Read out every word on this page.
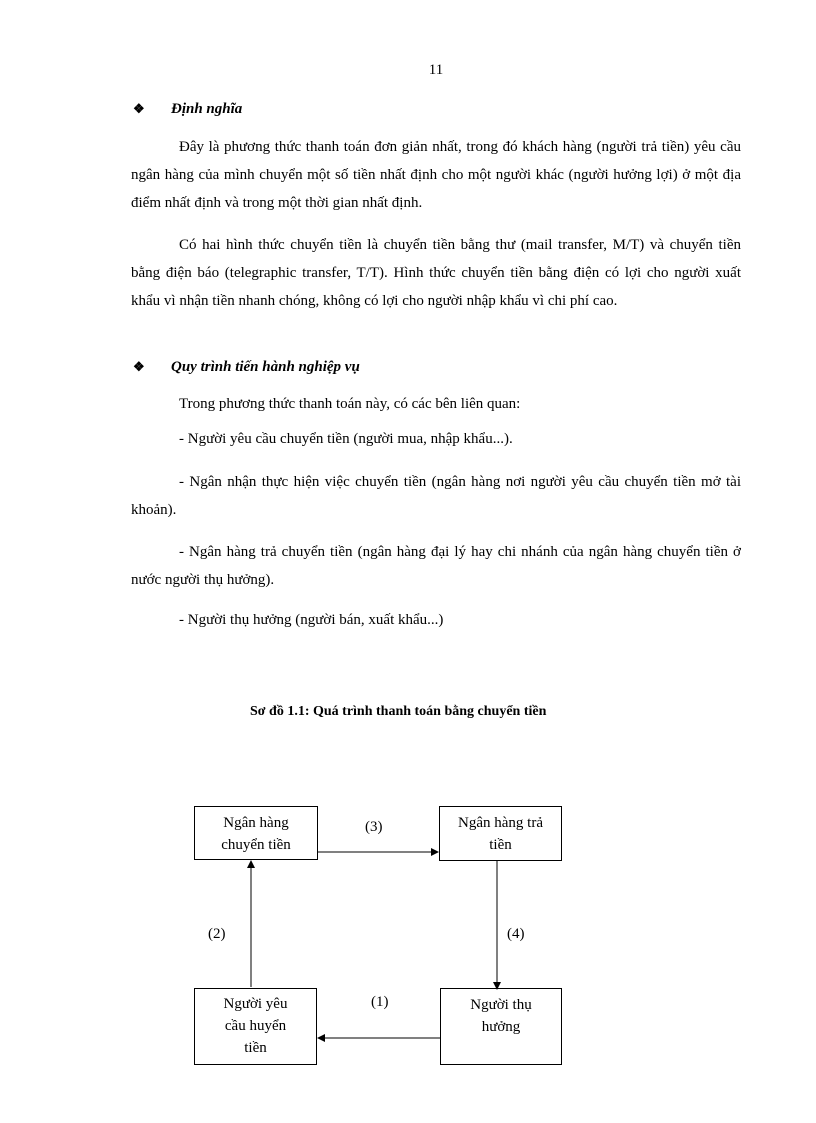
11
❖ Định nghĩa

Đây là phương thức thanh toán đơn giản nhất, trong đó khách hàng (người trả tiền) yêu cầu ngân hàng của mình chuyển một số tiền nhất định cho một người khác (người hưởng lợi) ở một địa điểm nhất định và trong một thời gian nhất định.

Có hai hình thức chuyển tiền là chuyển tiền bằng thư (mail transfer, M/T) và chuyển tiền bằng điện báo (telegraphic transfer, T/T). Hình thức chuyển tiền bằng điện có lợi cho người xuất khẩu vì nhận tiền nhanh chóng, không có lợi cho người nhập khẩu vì chi phí cao.

❖ Quy trình tiến hành nghiệp vụ
Trong phương thức thanh toán này, có các bên liên quan:
- Người yêu cầu chuyển tiền (người mua, nhập khẩu...).

- Ngân nhận thực hiện việc chuyển tiền (ngân hàng nơi người yêu cầu chuyển tiền mở tài khoản).

- Ngân hàng trả chuyển tiền (ngân hàng đại lý hay chi nhánh của ngân hàng chuyển tiền ở nước người thụ hưởng).

- Người thụ hưởng (người bán, xuất khẩu...)
Sơ đồ 1.1: Quá trình thanh toán bằng chuyển tiền
Ngân hàng
chuyển tiền
Ngân hàng trả
tiền
Người yêu
cầu huyển
tiền
Người thụ
hưởng
(3)
(4)
(1)
(2)
